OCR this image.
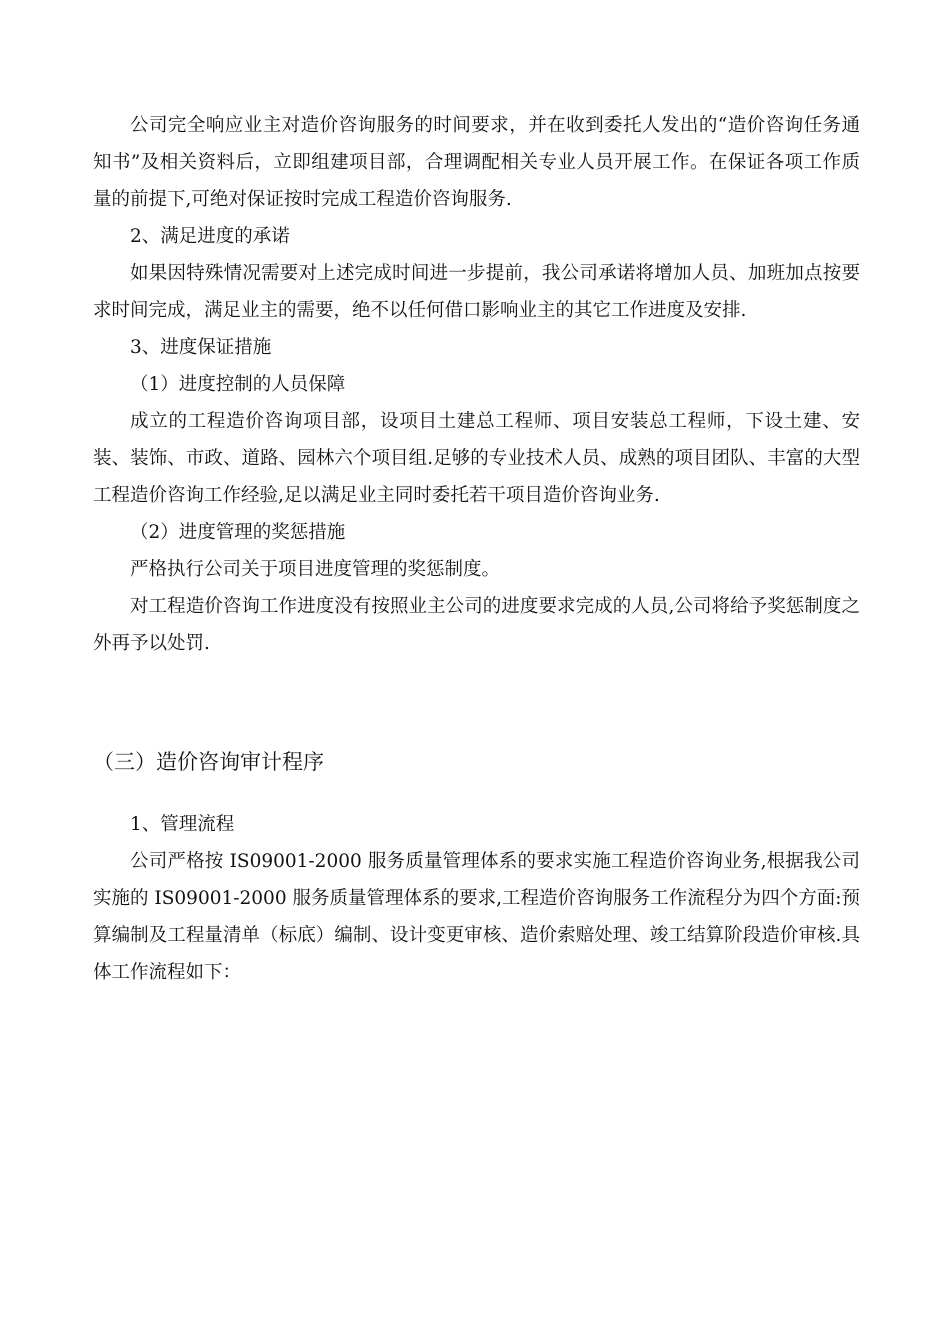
公司完全响应业主对造价咨询服务的时间要求，并在收到委托人发出的“造价咨询任务通知书”及相关资料后，立即组建项目部，合理调配相关专业人员开展工作。在保证各项工作质量的前提下,可绝对保证按时完成工程造价咨询服务.

2、满足进度的承诺

如果因特殊情况需要对上述完成时间进一步提前，我公司承诺将增加人员、加班加点按要求时间完成，满足业主的需要，绝不以任何借口影响业主的其它工作进度及安排.

3、进度保证措施

（1）进度控制的人员保障

成立的工程造价咨询项目部，设项目土建总工程师、项目安装总工程师，下设土建、安装、装饰、市政、道路、园林六个项目组.足够的专业技术人员、成熟的项目团队、丰富的大型工程造价咨询工作经验,足以满足业主同时委托若干项目造价咨询业务.

（2）进度管理的奖惩措施

严格执行公司关于项目进度管理的奖惩制度。

对工程造价咨询工作进度没有按照业主公司的进度要求完成的人员,公司将给予奖惩制度之外再予以处罚.

（三）造价咨询审计程序

1、管理流程

公司严格按 IS09001-2000 服务质量管理体系的要求实施工程造价咨询业务,根据我公司实施的 IS09001-2000 服务质量管理体系的要求,工程造价咨询服务工作流程分为四个方面:预算编制及工程量清单（标底）编制、设计变更审核、造价索赔处理、竣工结算阶段造价审核.具体工作流程如下：
